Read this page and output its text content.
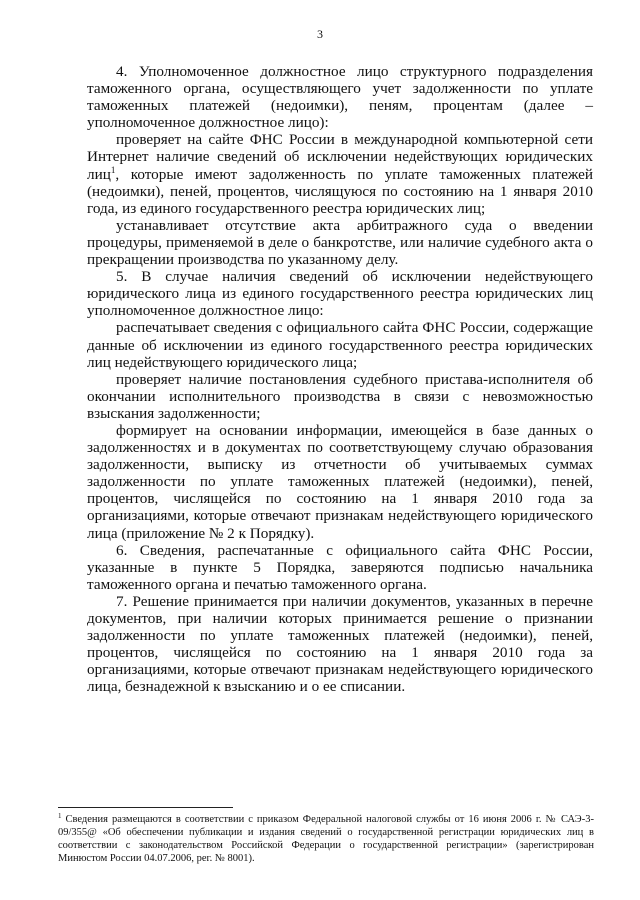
3

4. Уполномоченное должностное лицо структурного подразделения таможенного органа, осуществляющего учет задолженности по уплате таможенных платежей (недоимки), пеням, процентам (далее – уполномоченное должностное лицо):

проверяет на сайте ФНС России в международной компьютерной сети Интернет наличие сведений об исключении недействующих юридических лиц$^1$, которые имеют задолженность по уплате таможенных платежей (недоимки), пеней, процентов, числящуюся по состоянию на 1 января 2010 года, из единого государственного реестра юридических лиц;

устанавливает отсутствие акта арбитражного суда о введении процедуры, применяемой в деле о банкротстве, или наличие судебного акта о прекращении производства по указанному делу.

5. В случае наличия сведений об исключении недействующего юридического лица из единого государственного реестра юридических лиц уполномоченное должностное лицо:

распечатывает сведения с официального сайта ФНС России, содержащие данные об исключении из единого государственного реестра юридических лиц недействующего юридического лица;

проверяет наличие постановления судебного пристава-исполнителя об окончании исполнительного производства в связи с невозможностью взыскания задолженности;

формирует на основании информации, имеющейся в базе данных о задолженностях и в документах по соответствующему случаю образования задолженности, выписку из отчетности об учитываемых суммах задолженности по уплате таможенных платежей (недоимки), пеней, процентов, числящейся по состоянию на 1 января 2010 года за организациями, которые отвечают признакам недействующего юридического лица (приложение № 2 к Порядку).

6. Сведения, распечатанные с официального сайта ФНС России, указанные в пункте 5 Порядка, заверяются подписью начальника таможенного органа и печатью таможенного органа.

7. Решение принимается при наличии документов, указанных в перечне документов, при наличии которых принимается решение о признании задолженности по уплате таможенных платежей (недоимки), пеней, процентов, числящейся по состоянию на 1 января 2010 года за организациями, которые отвечают признакам недействующего юридического лица, безнадежной к взысканию и о ее списании.

$^1$ Сведения размещаются в соответствии с приказом Федеральной налоговой службы от 16 июня 2006 г. № САЭ-3-09/355@ «Об обеспечении публикации и издания сведений о государственной регистрации юридических лиц в соответствии с законодательством Российской Федерации о государственной регистрации» (зарегистрирован Минюстом России 04.07.2006, рег. № 8001).
